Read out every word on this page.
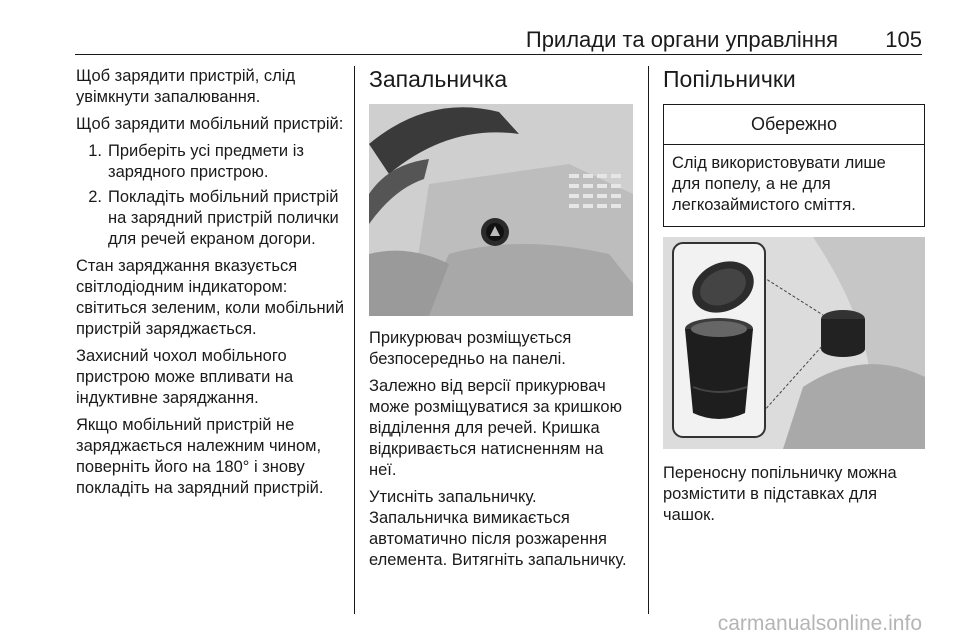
Прилади та органи управління 105

Щоб зарядити пристрій, слід увімкнути запалювання.

Щоб зарядити мобільний пристрій:

1. Приберіть усі предмети із зарядного пристрою.
2. Покладіть мобільний пристрій на зарядний пристрій полички для речей екраном догори.

Стан заряджання вказується світлодіодним індикатором: світиться зеленим, коли мобільний пристрій заряджається.

Захисний чохол мобільного пристрою може впливати на індуктивне заряджання.

Якщо мобільний пристрій не заряджається належним чином, поверніть його на 180° і знову покладіть на зарядний пристрій.

Запальничка

Прикурювач розміщується безпосередньо на панелі.

Залежно від версії прикурювач може розміщуватися за кришкою відділення для речей. Кришка відкривається натисненням на неї.

Утисніть запальничку. Запальничка вимикається автоматично після розжарення елемента. Витягніть запальничку.

Попільнички
Обережно
Слід використовувати лише для попелу, а не для легкозаймистого сміття.

Переносну попільничку можна розмістити в підставках для чашок.

carmanualsonline.info
